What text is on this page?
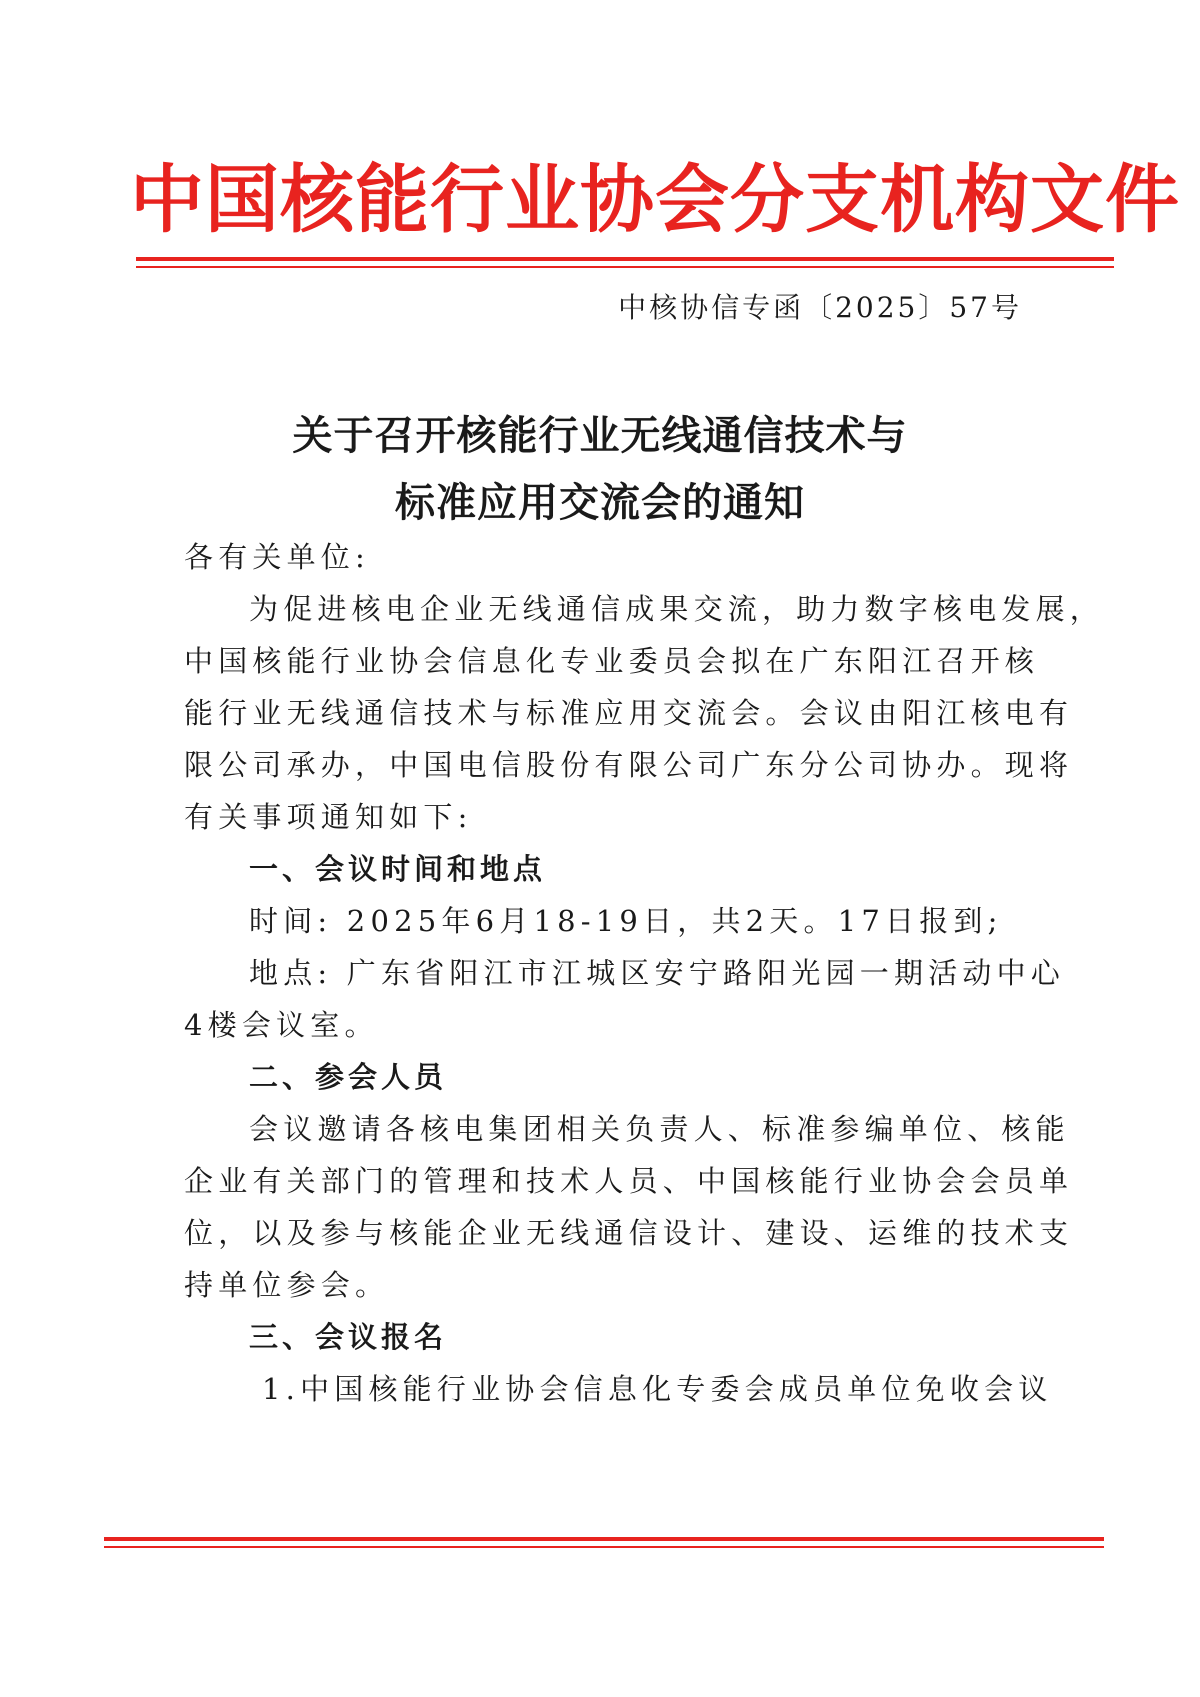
中国核能行业协会分支机构文件
中核协信专函〔2025〕57号
关于召开核能行业无线通信技术与
标准应用交流会的通知
各有关单位:
为促进核电企业无线通信成果交流，助力数字核电发展，
中国核能行业协会信息化专业委员会拟在广东阳江召开核
能行业无线通信技术与标准应用交流会。会议由阳江核电有
限公司承办，中国电信股份有限公司广东分公司协办。现将
有关事项通知如下:
一、会议时间和地点
时间: 2025年6月18-19日，共2天。17日报到;
地点: 广东省阳江市江城区安宁路阳光园一期活动中心
4楼会议室。
二、参会人员
会议邀请各核电集团相关负责人、标准参编单位、核能
企业有关部门的管理和技术人员、中国核能行业协会会员单
位，以及参与核能企业无线通信设计、建设、运维的技术支
持单位参会。
三、会议报名
1.中国核能行业协会信息化专委会成员单位免收会议
